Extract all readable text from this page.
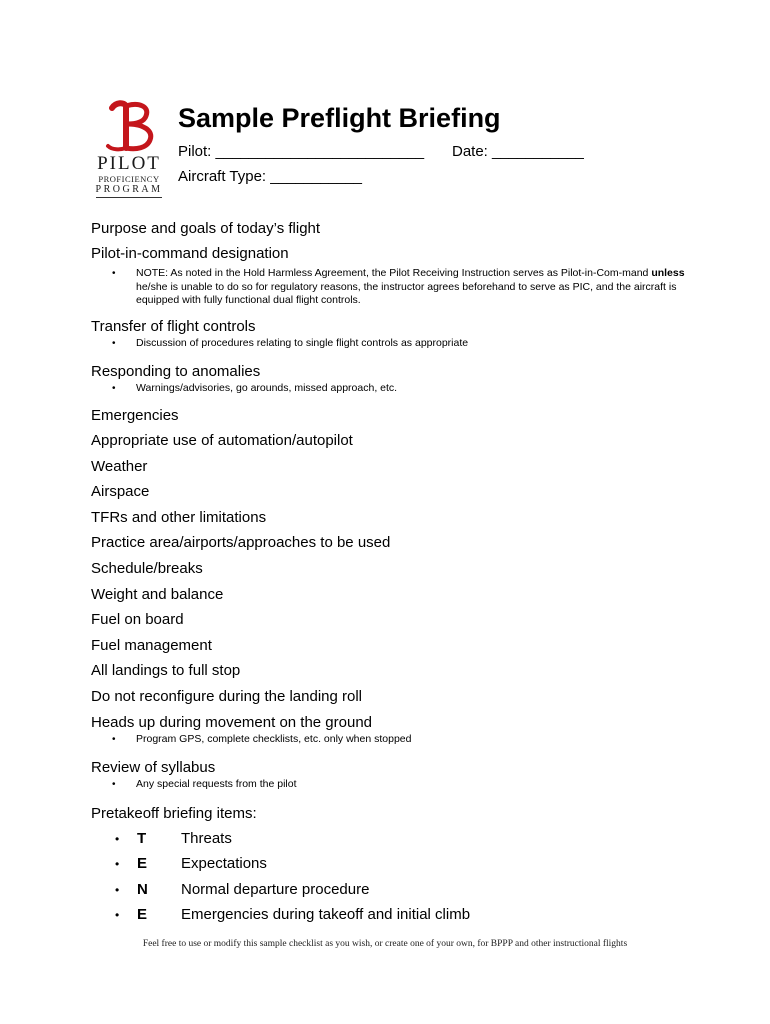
PILOT
PROFICIENCY
PROGRAM
Sample Preflight Briefing
Pilot: _________________________ Date: ___________
Aircraft Type: ___________
Purpose and goals of today’s flight
Pilot-in-command designation
• NOTE: As noted in the Hold Harmless Agreement, the Pilot Receiving Instruction serves as Pilot-in-Com-mand unless he/she is unable to do so for regulatory reasons, the instructor agrees beforehand to serve as PIC, and the aircraft is equipped with fully functional dual flight controls.
Transfer of flight controls
• Discussion of procedures relating to single flight controls as appropriate
Responding to anomalies
• Warnings/advisories, go arounds, missed approach, etc.
Emergencies
Appropriate use of automation/autopilot
Weather
Airspace
TFRs and other limitations
Practice area/airports/approaches to be used
Schedule/breaks
Weight and balance
Fuel on board
Fuel management
All landings to full stop
Do not reconfigure during the landing roll
Heads up during movement on the ground
• Program GPS, complete checklists, etc. only when stopped
Review of syllabus
• Any special requests from the pilot
Pretakeoff briefing items:
• T Threats
• E Expectations
• N Normal departure procedure
• E Emergencies during takeoff and initial climb
Feel free to use or modify this sample checklist as you wish, or create one of your own, for BPPP and other instructional flights
